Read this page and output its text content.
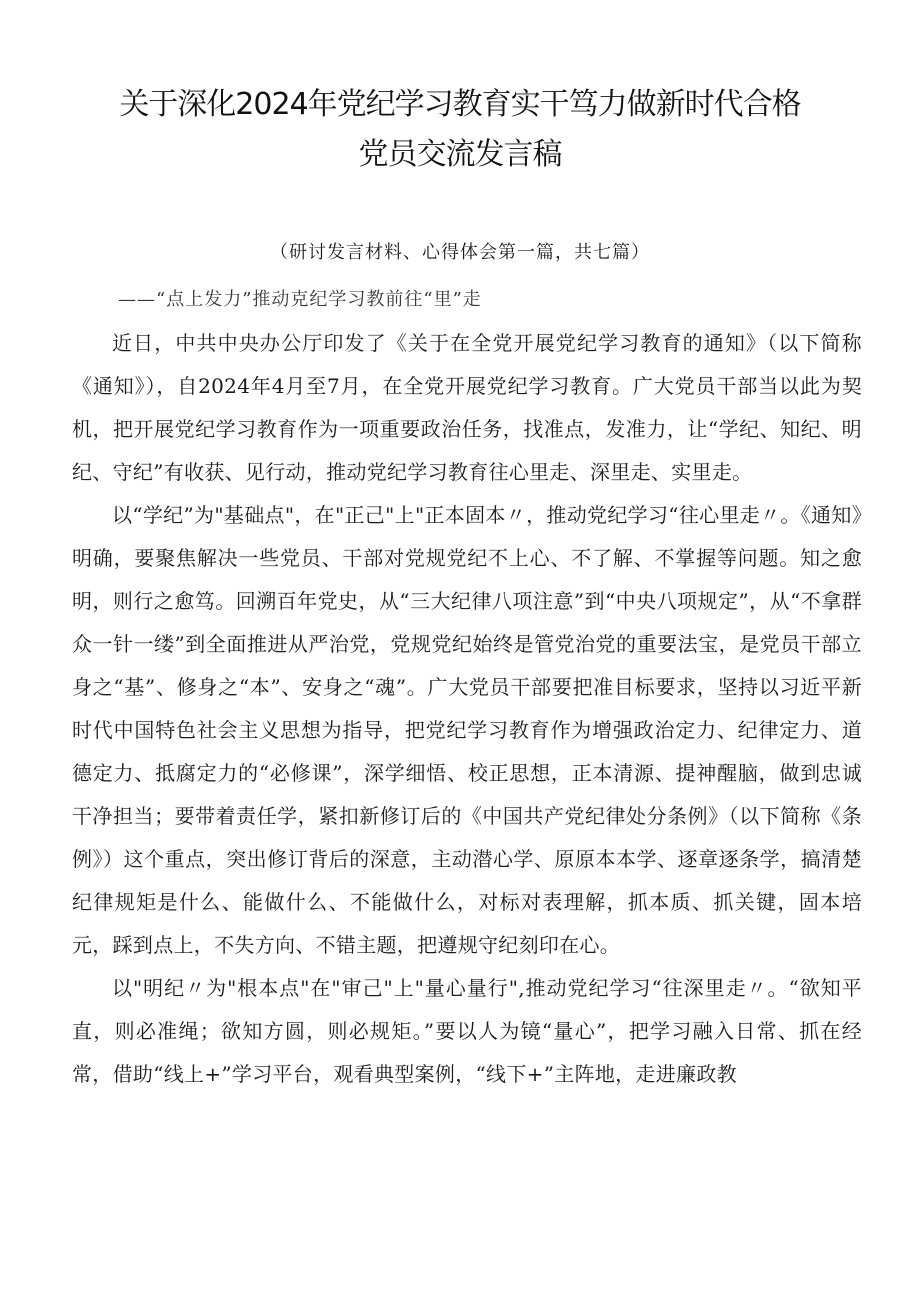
关于深化2024年党纪学习教育实干笃力做新时代合格
党员交流发言稿
（研讨发言材料、心得体会第一篇，共七篇）
——“点上发力”推动克纪学习教前往“里”走

近日，中共中央办公厅印发了《关于在全党开展党纪学习教育的通知》（以下简称《通知》），自2024年4月至7月，在全党开展党纪学习教育。广大党员干部当以此为契机，把开展党纪学习教育作为一项重要政治任务，找准点，发准力，让“学纪、知纪、明纪、守纪”有收获、见行动，推动党纪学习教育往心里走、深里走、实里走。

以“学纪”为"基础点"，在"正己"上"正本固本〃，推动党纪学习“往心里走〃。《通知》明确，要聚焦解决一些党员、干部对党规党纪不上心、不了解、不掌握等问题。知之愈明，则行之愈笃。回溯百年党史，从“三大纪律八项注意”到“中央八项规定”，从“不拿群众一针一缕”到全面推进从严治党，党规党纪始终是管党治党的重要法宝，是党员干部立身之“基”、修身之“本”、安身之“魂”。广大党员干部要把准目标要求，坚持以习近平新时代中国特色社会主义思想为指导，把党纪学习教育作为增强政治定力、纪律定力、道德定力、抵腐定力的“必修课”，深学细悟、校正思想，正本清源、提神醒脑，做到忠诚干净担当；要带着责任学，紧扣新修订后的《中国共产党纪律处分条例》（以下简称《条例》）这个重点，突出修订背后的深意，主动潜心学、原原本本学、逐章逐条学，搞清楚纪律规矩是什么、能做什么、不能做什么，对标对表理解，抓本质、抓关键，固本培元，踩到点上，不失方向、不错主题，把遵规守纪刻印在心。

以"明纪〃为"根本点"在"审己"上"量心量行",推动党纪学习“往深里走〃。“欲知平直，则必准绳；欲知方圆，则必规矩。”要以人为镜“量心”，把学习融入日常、抓在经常，借助“线上+”学习平台，观看典型案例，“线下+”主阵地，走进廉政教
